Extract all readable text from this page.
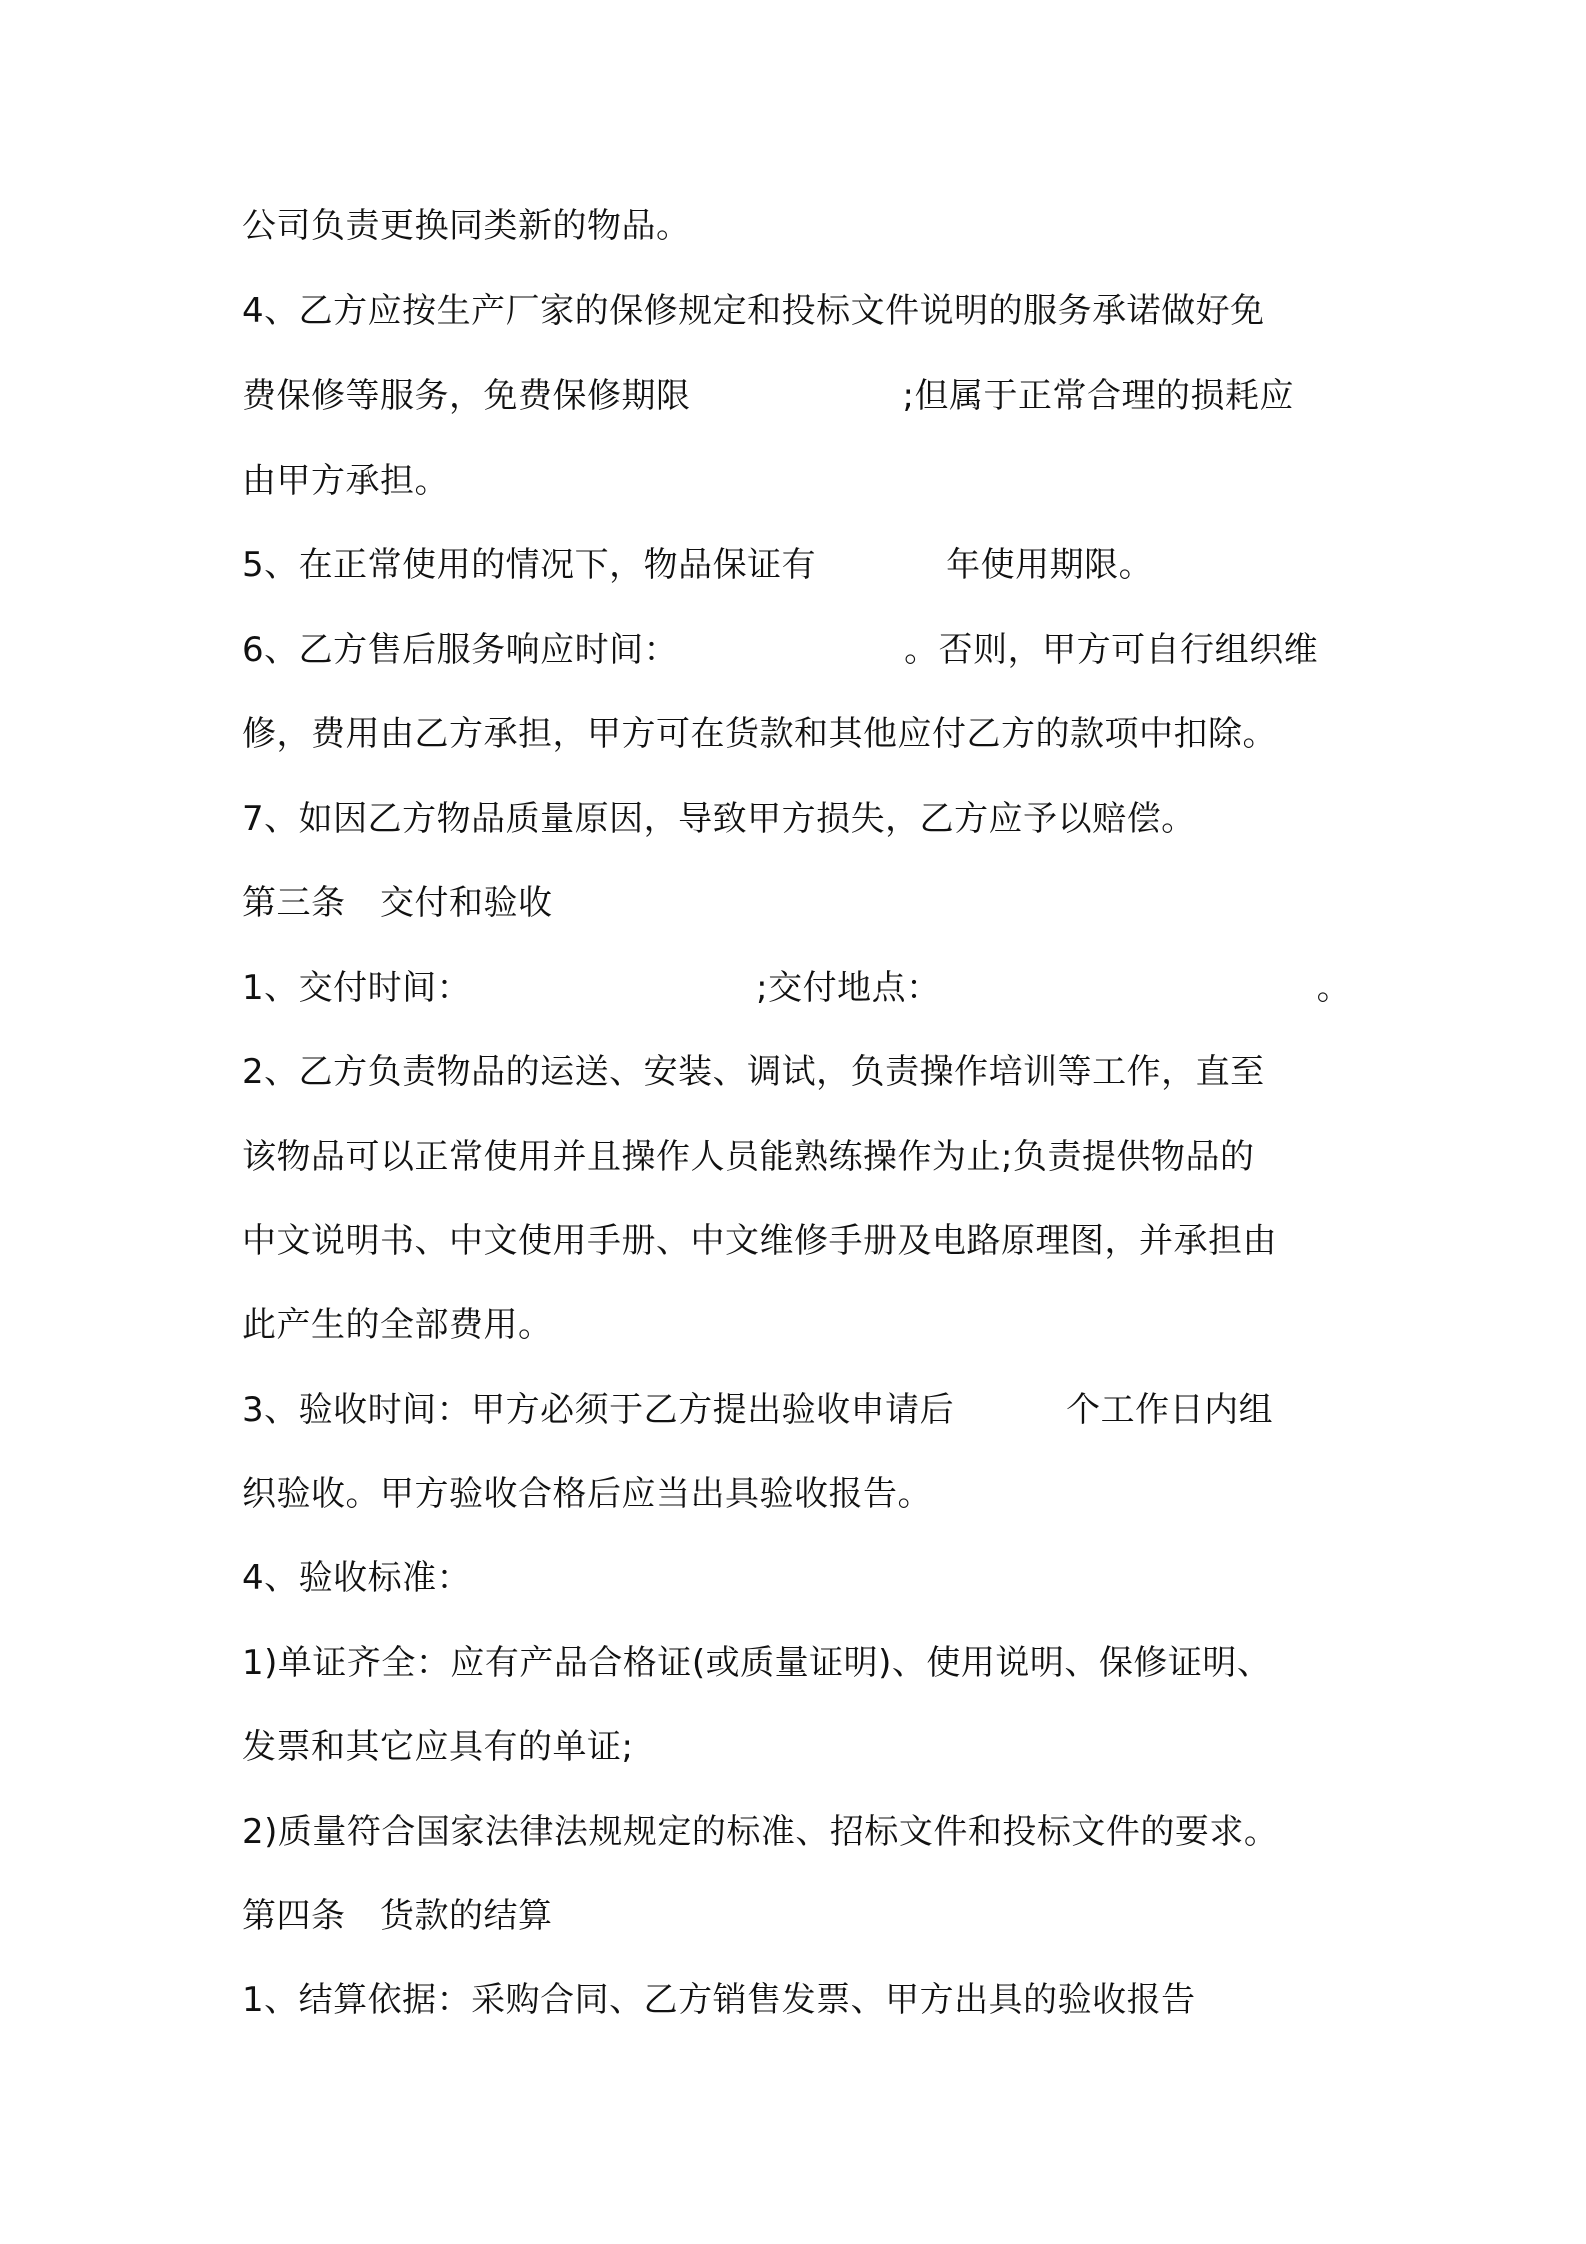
公司负责更换同类新的物品。
4、乙方应按生产厂家的保修规定和投标文件说明的服务承诺做好免
费保修等服务，免费保修期限	;但属于正常合理的损耗应
由甲方承担。
5、在正常使用的情况下，物品保证有	年使用期限。
6、乙方售后服务响应时间：	。否则，甲方可自行组织维
修，费用由乙方承担，甲方可在货款和其他应付乙方的款项中扣除。
7、如因乙方物品质量原因，导致甲方损失，乙方应予以赔偿。
第三条　交付和验收
1、交付时间：	;交付地点：	。
2、乙方负责物品的运送、安装、调试，负责操作培训等工作，直至
该物品可以正常使用并且操作人员能熟练操作为止;负责提供物品的
中文说明书、中文使用手册、中文维修手册及电路原理图，并承担由
此产生的全部费用。
3、验收时间：甲方必须于乙方提出验收申请后	个工作日内组
织验收。甲方验收合格后应当出具验收报告。
4、验收标准：
1)单证齐全：应有产品合格证(或质量证明)、使用说明、保修证明、
发票和其它应具有的单证;
2)质量符合国家法律法规规定的标准、招标文件和投标文件的要求。
第四条　货款的结算
1、结算依据：采购合同、乙方销售发票、甲方出具的验收报告
